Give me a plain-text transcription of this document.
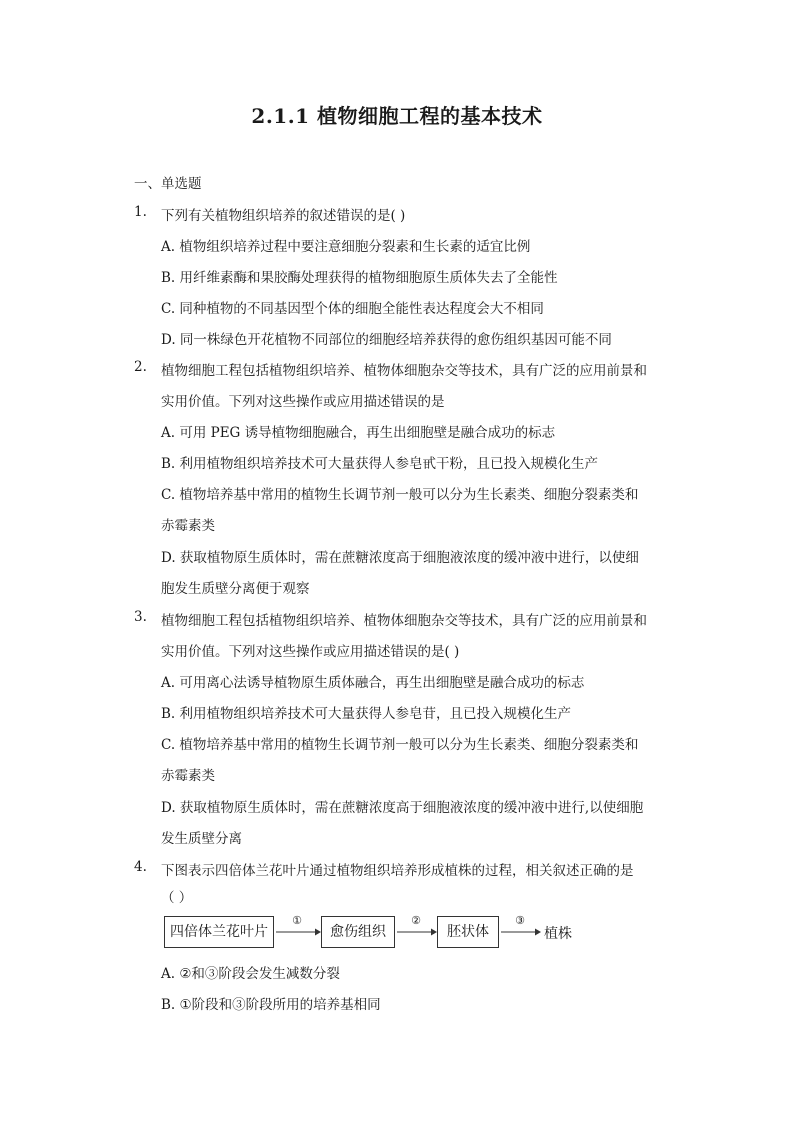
2.1.1 植物细胞工程的基本技术
一、单选题
1. 下列有关植物组织培养的叙述错误的是( )
A. 植物组织培养过程中要注意细胞分裂素和生长素的适宜比例
B. 用纤维素酶和果胶酶处理获得的植物细胞原生质体失去了全能性
C. 同种植物的不同基因型个体的细胞全能性表达程度会大不相同
D. 同一株绿色开花植物不同部位的细胞经培养获得的愈伤组织基因可能不同
2. 植物细胞工程包括植物组织培养、植物体细胞杂交等技术，具有广泛的应用前景和
实用价值。下列对这些操作或应用描述错误的是
A. 可用 PEG 诱导植物细胞融合，再生出细胞壁是融合成功的标志
B. 利用植物组织培养技术可大量获得人参皂甙干粉，且已投入规模化生产
C. 植物培养基中常用的植物生长调节剂一般可以分为生长素类、细胞分裂素类和
赤霉素类
D. 获取植物原生质体时，需在蔗糖浓度高于细胞液浓度的缓冲液中进行，以使细
胞发生质壁分离便于观察
3. 植物细胞工程包括植物组织培养、植物体细胞杂交等技术，具有广泛的应用前景和
实用价值。下列对这些操作或应用描述错误的是( )
A. 可用离心法诱导植物原生质体融合，再生出细胞壁是融合成功的标志
B. 利用植物组织培养技术可大量获得人参皂苷，且已投入规模化生产
C. 植物培养基中常用的植物生长调节剂一般可以分为生长素类、细胞分裂素类和
赤霉素类
D. 获取植物原生质体时，需在蔗糖浓度高于细胞液浓度的缓冲液中进行,以使细胞
发生质壁分离
4. 下图表示四倍体兰花叶片通过植物组织培养形成植株的过程，相关叙述正确的是
（ ）
四倍体兰花叶片
①
愈伤组织
②
胚状体
③
植株
A. ②和③阶段会发生减数分裂
B. ①阶段和③阶段所用的培养基相同
